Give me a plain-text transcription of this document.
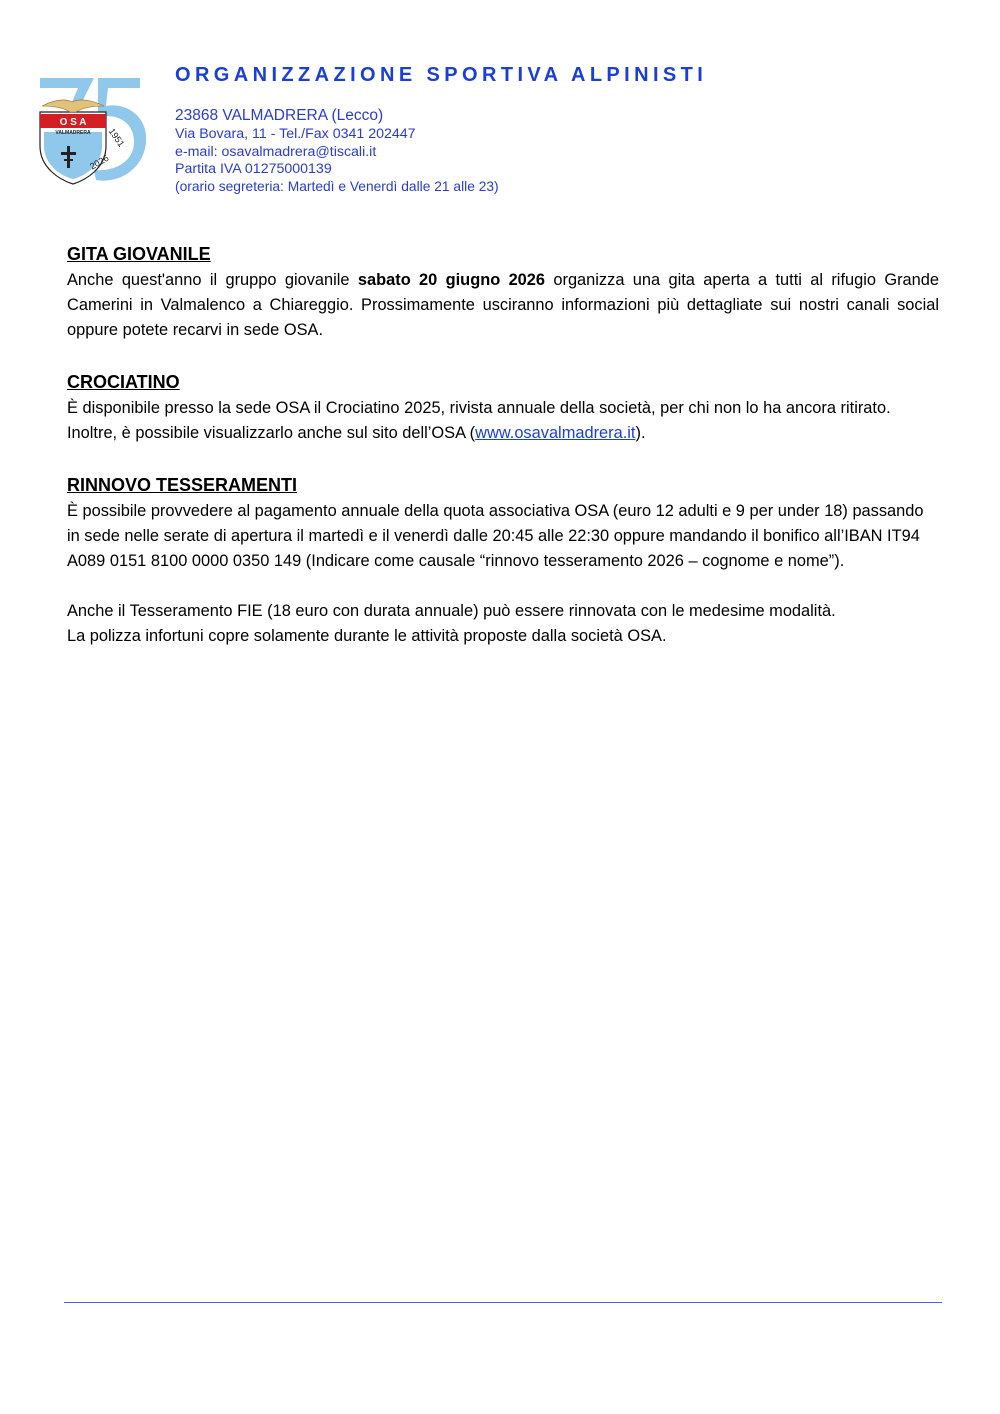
O S A
VALMADRERA 1951
2026
ORGANIZZAZIONE SPORTIVA ALPINISTI
23868 VALMADRERA (Lecco)
Via Bovara, 11 - Tel./Fax 0341 202447
e-mail: osavalmadrera@tiscali.it
Partita IVA 01275000139
(orario segreteria: Martedì e Venerdì dalle 21 alle 23)
GITA GIOVANILE
Anche quest'anno il gruppo giovanile sabato 20 giugno 2026 organizza una gita aperta a tutti al rifugio Grande Camerini in Valmalenco a Chiareggio. Prossimamente usciranno informazioni più dettagliate sui nostri canali social oppure potete recarvi in sede OSA.
CROCIATINO
È disponibile presso la sede OSA il Crociatino 2025, rivista annuale della società, per chi non lo ha ancora ritirato. Inoltre, è possibile visualizzarlo anche sul sito dell’OSA (www.osavalmadrera.it).
RINNOVO TESSERAMENTI
È possibile provvedere al pagamento annuale della quota associativa OSA (euro 12 adulti e 9 per under 18) passando in sede nelle serate di apertura il martedì e il venerdì dalle 20:45 alle 22:30 oppure mandando il bonifico all’IBAN IT94 A089 0151 8100 0000 0350 149 (Indicare come causale “rinnovo tesseramento 2026 – cognome e nome”).
Anche il Tesseramento FIE (18 euro con durata annuale) può essere rinnovata con le medesime modalità.
La polizza infortuni copre solamente durante le attività proposte dalla società OSA.
